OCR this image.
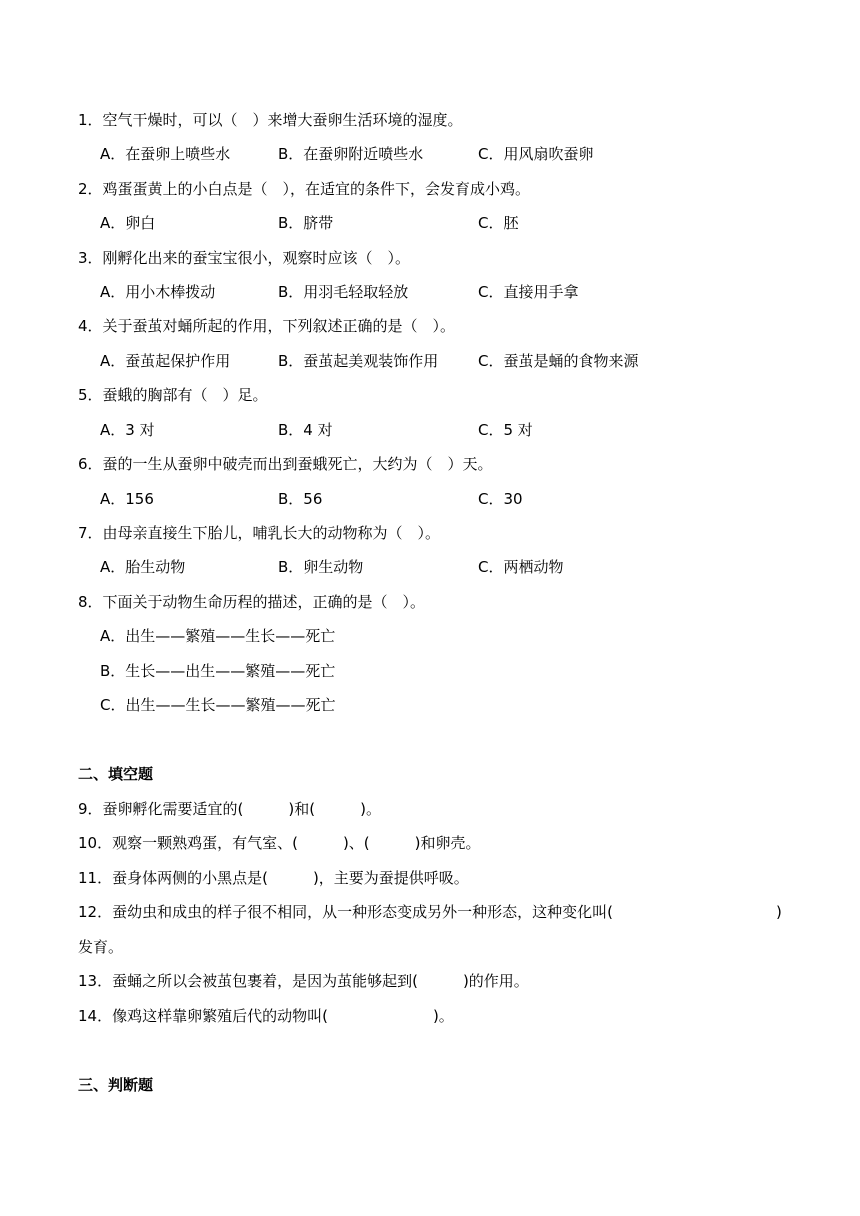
1．空气干燥时，可以（　）来增大蚕卵生活环境的湿度。
A．在蚕卵上喷些水	B．在蚕卵附近喷些水	C．用风扇吹蚕卵
2．鸡蛋蛋黄上的小白点是（　），在适宜的条件下，会发育成小鸡。
A．卵白	B．脐带	C．胚
3．刚孵化出来的蚕宝宝很小，观察时应该（　）。
A．用小木棒拨动	B．用羽毛轻取轻放	C．直接用手拿
4．关于蚕茧对蛹所起的作用，下列叙述正确的是（　）。
A．蚕茧起保护作用	B．蚕茧起美观装饰作用	C．蚕茧是蛹的食物来源
5．蚕蛾的胸部有（　）足。
A．3 对	B．4 对	C．5 对
6．蚕的一生从蚕卵中破壳而出到蚕蛾死亡，大约为（　）天。
A．156	B．56	C．30
7．由母亲直接生下胎儿，哺乳长大的动物称为（　）。
A．胎生动物	B．卵生动物	C．两栖动物
8．下面关于动物生命历程的描述，正确的是（　）。
A．出生——繁殖——生长——死亡
B．生长——出生——繁殖——死亡
C．出生——生长——繁殖——死亡
二、填空题
9．蚕卵孵化需要适宜的(　　　)和(　　　)。
10．观察一颗熟鸡蛋，有气室、(　　　)、(　　　)和卵壳。
11．蚕身体两侧的小黑点是(　　　)，主要为蚕提供呼吸。
12．蚕幼虫和成虫的样子很不相同，从一种形态变成另外一种形态，这种变化叫(	)
发育。
13．蚕蛹之所以会被茧包裹着，是因为茧能够起到(　　　)的作用。
14．像鸡这样靠卵繁殖后代的动物叫(　　　　　　　)。
三、判断题
